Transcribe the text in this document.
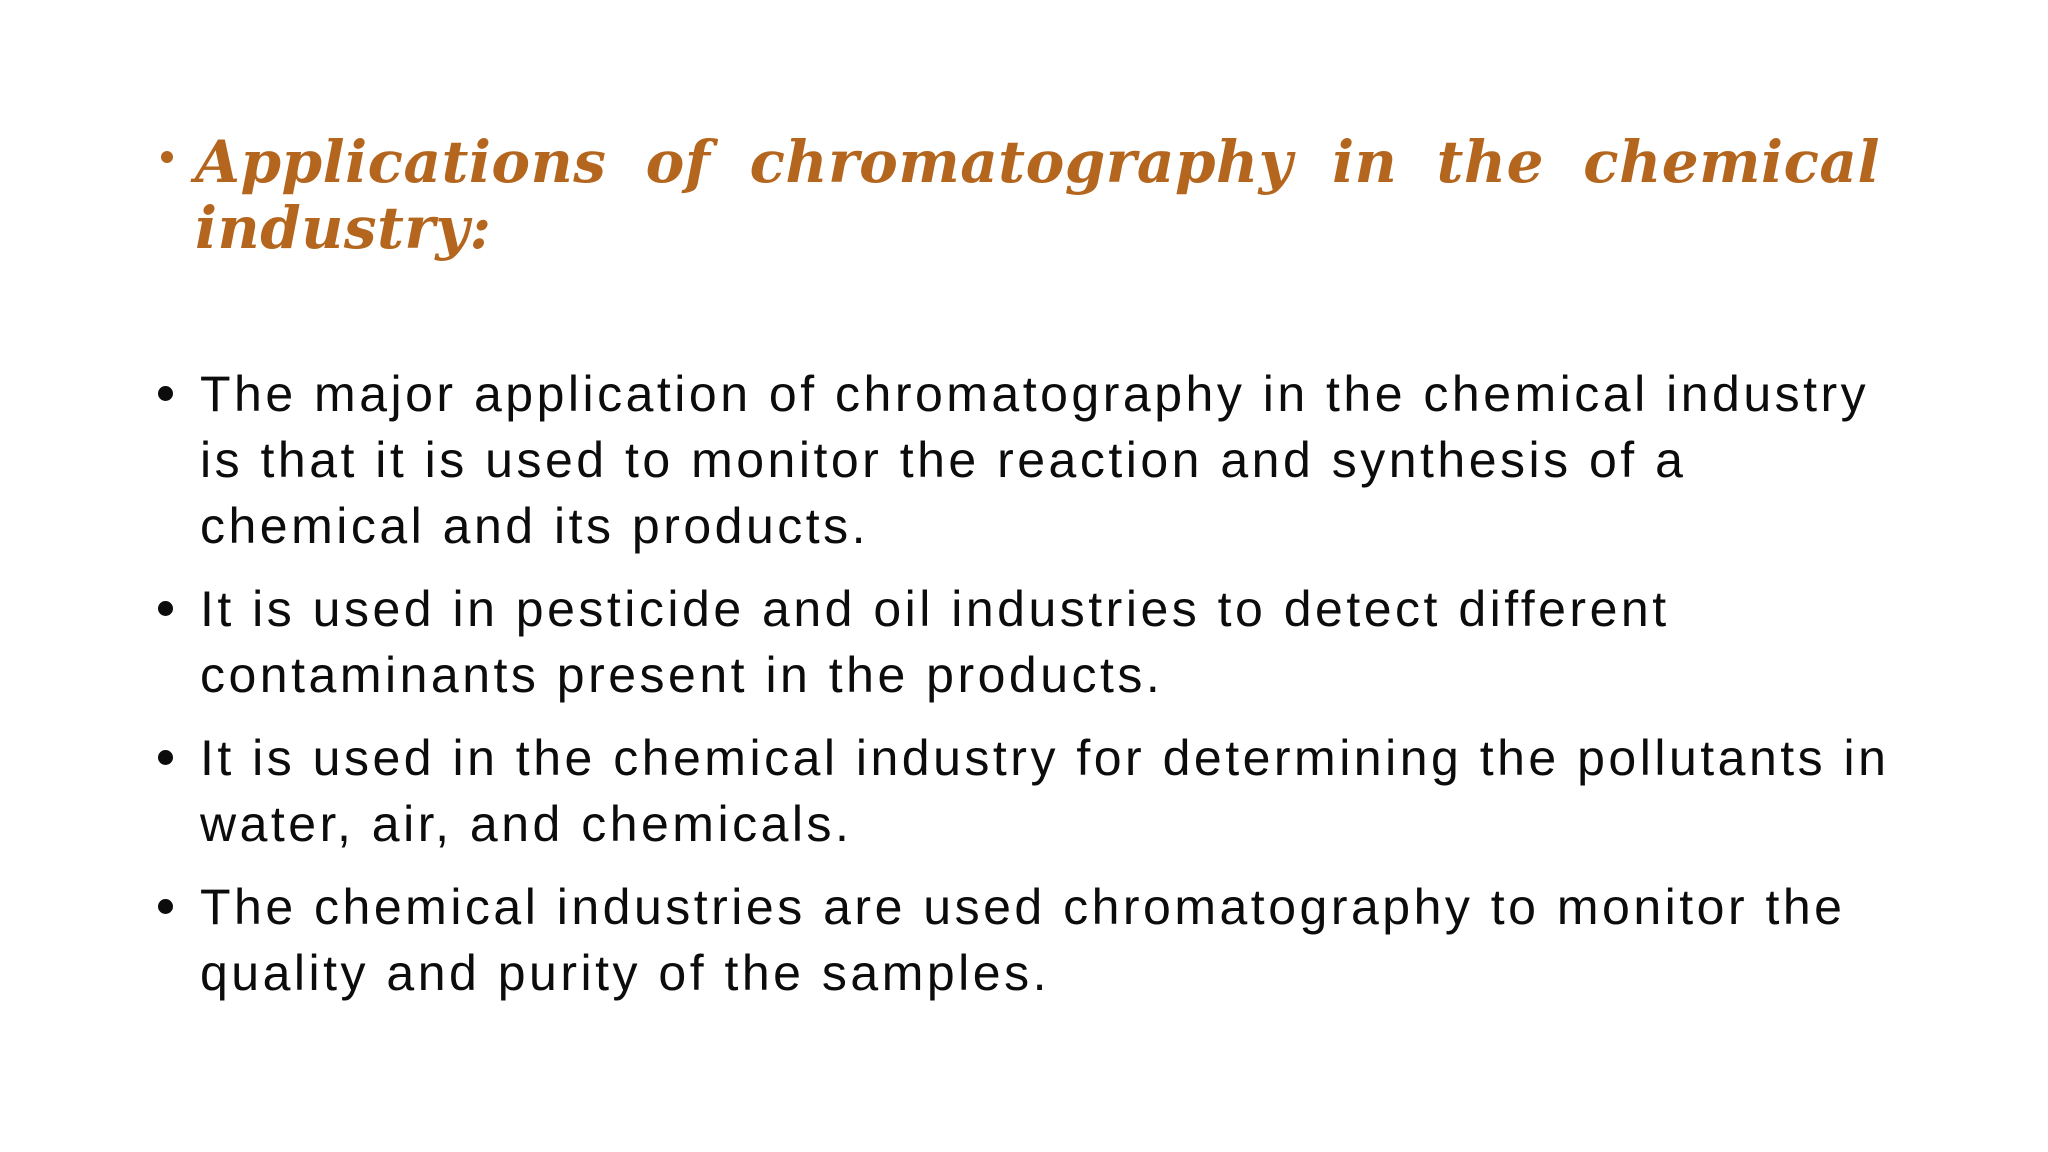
Applications of chromatography in the chemical industry:

The major application of chromatography in the chemical industry is that it is used to monitor the reaction and synthesis of a chemical and its products.

It is used in pesticide and oil industries to detect different contaminants present in the products.

It is used in the chemical industry for determining the pollutants in water, air, and chemicals.

The chemical industries are used chromatography to monitor the quality and purity of the samples.
